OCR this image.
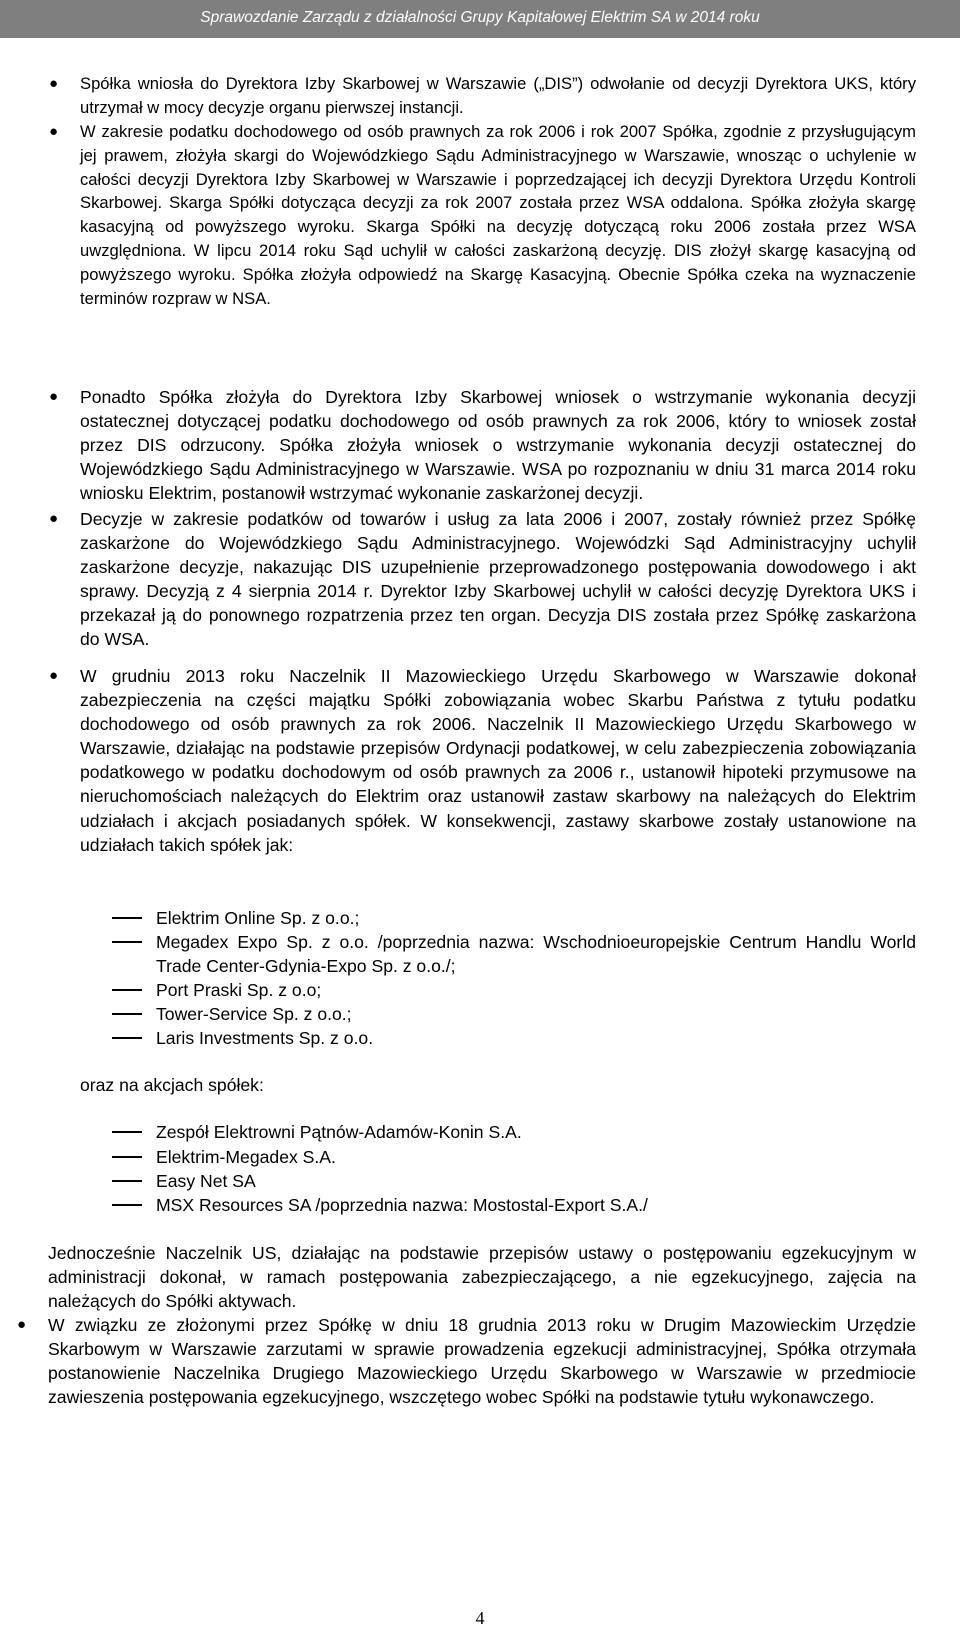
Sprawozdanie Zarządu z działalności Grupy Kapitałowej Elektrim SA w 2014 roku
● Spółka wniosła do Dyrektora Izby Skarbowej w Warszawie („DIS”) odwołanie od decyzji Dyrektora UKS, który utrzymał w mocy decyzje organu pierwszej instancji.

● W zakresie podatku dochodowego od osób prawnych za rok 2006 i rok 2007 Spółka, zgodnie z przysługującym jej prawem, złożyła skargi do Wojewódzkiego Sądu Administracyjnego w Warszawie, wnosząc o uchylenie w całości decyzji Dyrektora Izby Skarbowej w Warszawie i poprzedzającej ich decyzji Dyrektora Urzędu Kontroli Skarbowej. Skarga Spółki dotycząca decyzji za rok 2007 została przez WSA oddalona. Spółka złożyła skargę kasacyjną od powyższego wyroku. Skarga Spółki na decyzję dotyczącą roku 2006 została przez WSA uwzględniona. W lipcu 2014 roku Sąd uchylił w całości zaskarżoną decyzję. DIS złożył skargę kasacyjną od powyższego wyroku. Spółka złożyła odpowiedź na Skargę Kasacyjną. Obecnie Spółka czeka na wyznaczenie terminów rozpraw w NSA.

● Ponadto Spółka złożyła do Dyrektora Izby Skarbowej wniosek o wstrzymanie wykonania decyzji ostatecznej dotyczącej podatku dochodowego od osób prawnych za rok 2006, który to wniosek został przez DIS odrzucony. Spółka złożyła wniosek o wstrzymanie wykonania decyzji ostatecznej do Wojewódzkiego Sądu Administracyjnego w Warszawie. WSA po rozpoznaniu w dniu 31 marca 2014 roku wniosku Elektrim, postanowił wstrzymać wykonanie zaskarżonej decyzji.

● Decyzje w zakresie podatków od towarów i usług za lata 2006 i 2007, zostały również przez Spółkę zaskarżone do Wojewódzkiego Sądu Administracyjnego. Wojewódzki Sąd Administracyjny uchylił zaskarżone decyzje, nakazując DIS uzupełnienie przeprowadzonego postępowania dowodowego i akt sprawy. Decyzją z 4 sierpnia 2014 r. Dyrektor Izby Skarbowej uchylił w całości decyzję Dyrektora UKS i przekazał ją do ponownego rozpatrzenia przez ten organ. Decyzja DIS została przez Spółkę zaskarżona do WSA.

● W grudniu 2013 roku Naczelnik II Mazowieckiego Urzędu Skarbowego w Warszawie dokonał zabezpieczenia na części majątku Spółki zobowiązania wobec Skarbu Państwa z tytułu podatku dochodowego od osób prawnych za rok 2006. Naczelnik II Mazowieckiego Urzędu Skarbowego w Warszawie, działając na podstawie przepisów Ordynacji podatkowej, w celu zabezpieczenia zobowiązania podatkowego w podatku dochodowym od osób prawnych za 2006 r., ustanowił hipoteki przymusowe na nieruchomościach należących do Elektrim oraz ustanowił zastaw skarbowy na należących do Elektrim udziałach i akcjach posiadanych spółek. W konsekwencji, zastawy skarbowe zostały ustanowione na udziałach takich spółek jak:

Elektrim Online Sp. z o.o.;
Megadex Expo Sp. z o.o. /poprzednia nazwa: Wschodnioeuropejskie Centrum Handlu World Trade Center-Gdynia-Expo Sp. z o.o./;
Port Praski Sp. z o.o;
Tower-Service Sp. z o.o.;
Laris Investments Sp. z o.o.

oraz na akcjach spółek:

Zespół Elektrowni Pątnów-Adamów-Konin S.A.
Elektrim-Megadex S.A.
Easy Net SA
MSX Resources SA /poprzednia nazwa: Mostostal-Export S.A./

Jednocześnie Naczelnik US, działając na podstawie przepisów ustawy o postępowaniu egzekucyjnym w administracji dokonał, w ramach postępowania zabezpieczającego, a nie egzekucyjnego, zajęcia na należących do Spółki aktywach.

● W związku ze złożonymi przez Spółkę w dniu 18 grudnia 2013 roku w Drugim Mazowieckim Urzędzie Skarbowym w Warszawie zarzutami w sprawie prowadzenia egzekucji administracyjnej, Spółka otrzymała postanowienie Naczelnika Drugiego Mazowieckiego Urzędu Skarbowego w Warszawie w przedmiocie zawieszenia postępowania egzekucyjnego, wszczętego wobec Spółki na podstawie tytułu wykonawczego.

4
